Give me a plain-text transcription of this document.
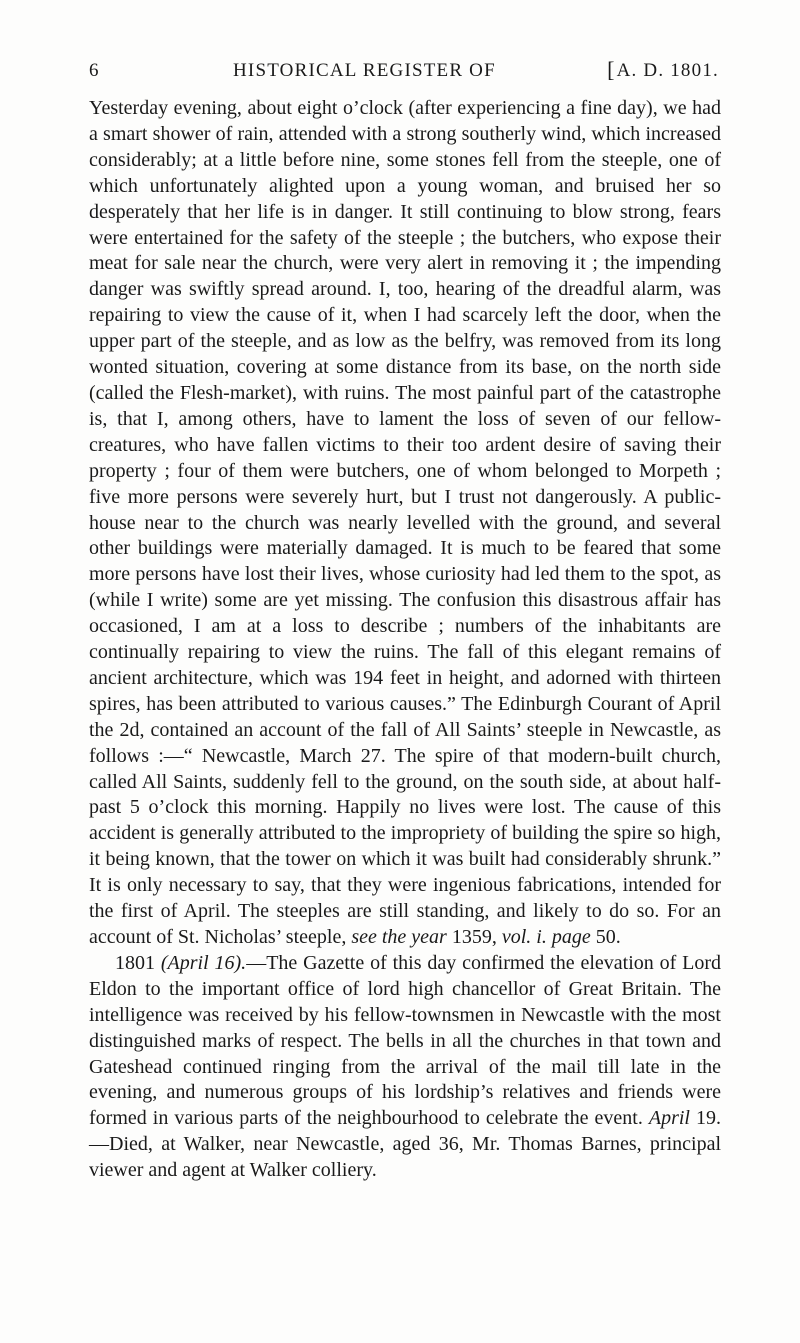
6	HISTORICAL REGISTER OF	[A. D. 1801.

Yesterday evening, about eight o’clock (after experiencing a fine day), we had a smart shower of rain, attended with a strong southerly wind, which increased considerably; at a little before nine, some stones fell from the steeple, one of which unfortunately alighted upon a young woman, and bruised her so desperately that her life is in danger. It still continuing to blow strong, fears were entertained for the safety of the steeple ; the butchers, who expose their meat for sale near the church, were very alert in removing it ; the impending danger was swiftly spread around. I, too, hearing of the dreadful alarm, was repairing to view the cause of it, when I had scarcely left the door, when the upper part of the steeple, and as low as the belfry, was removed from its long wonted situation, covering at some distance from its base, on the north side (called the Flesh-market), with ruins. The most painful part of the catastrophe is, that I, among others, have to lament the loss of seven of our fellow-creatures, who have fallen victims to their too ardent desire of saving their property ; four of them were butchers, one of whom belonged to Morpeth ; five more persons were severely hurt, but I trust not dangerously. A public-house near to the church was nearly levelled with the ground, and several other buildings were materially damaged. It is much to be feared that some more persons have lost their lives, whose curiosity had led them to the spot, as (while I write) some are yet missing. The confusion this disastrous affair has occasioned, I am at a loss to describe ; numbers of the inhabitants are continually repairing to view the ruins. The fall of this elegant remains of ancient architecture, which was 194 feet in height, and adorned with thirteen spires, has been attributed to various causes.” The Edinburgh Courant of April the 2d, contained an account of the fall of All Saints’ steeple in Newcastle, as follows :—“ Newcastle, March 27. The spire of that modern-built church, called All Saints, suddenly fell to the ground, on the south side, at about half-past 5 o’clock this morning. Happily no lives were lost. The cause of this accident is generally attributed to the impropriety of building the spire so high, it being known, that the tower on which it was built had considerably shrunk.” It is only necessary to say, that they were ingenious fabrications, intended for the first of April. The steeples are still standing, and likely to do so. For an account of St. Nicholas’ steeple, see the year 1359, vol. i. page 50.

1801 (April 16).—The Gazette of this day confirmed the elevation of Lord Eldon to the important office of lord high chancellor of Great Britain. The intelligence was received by his fellow-townsmen in Newcastle with the most distinguished marks of respect. The bells in all the churches in that town and Gateshead continued ringing from the arrival of the mail till late in the evening, and numerous groups of his lordship’s relatives and friends were formed in various parts of the neighbourhood to celebrate the event. April 19.—Died, at Walker, near Newcastle, aged 36, Mr. Thomas Barnes, principal viewer and agent at Walker colliery.
